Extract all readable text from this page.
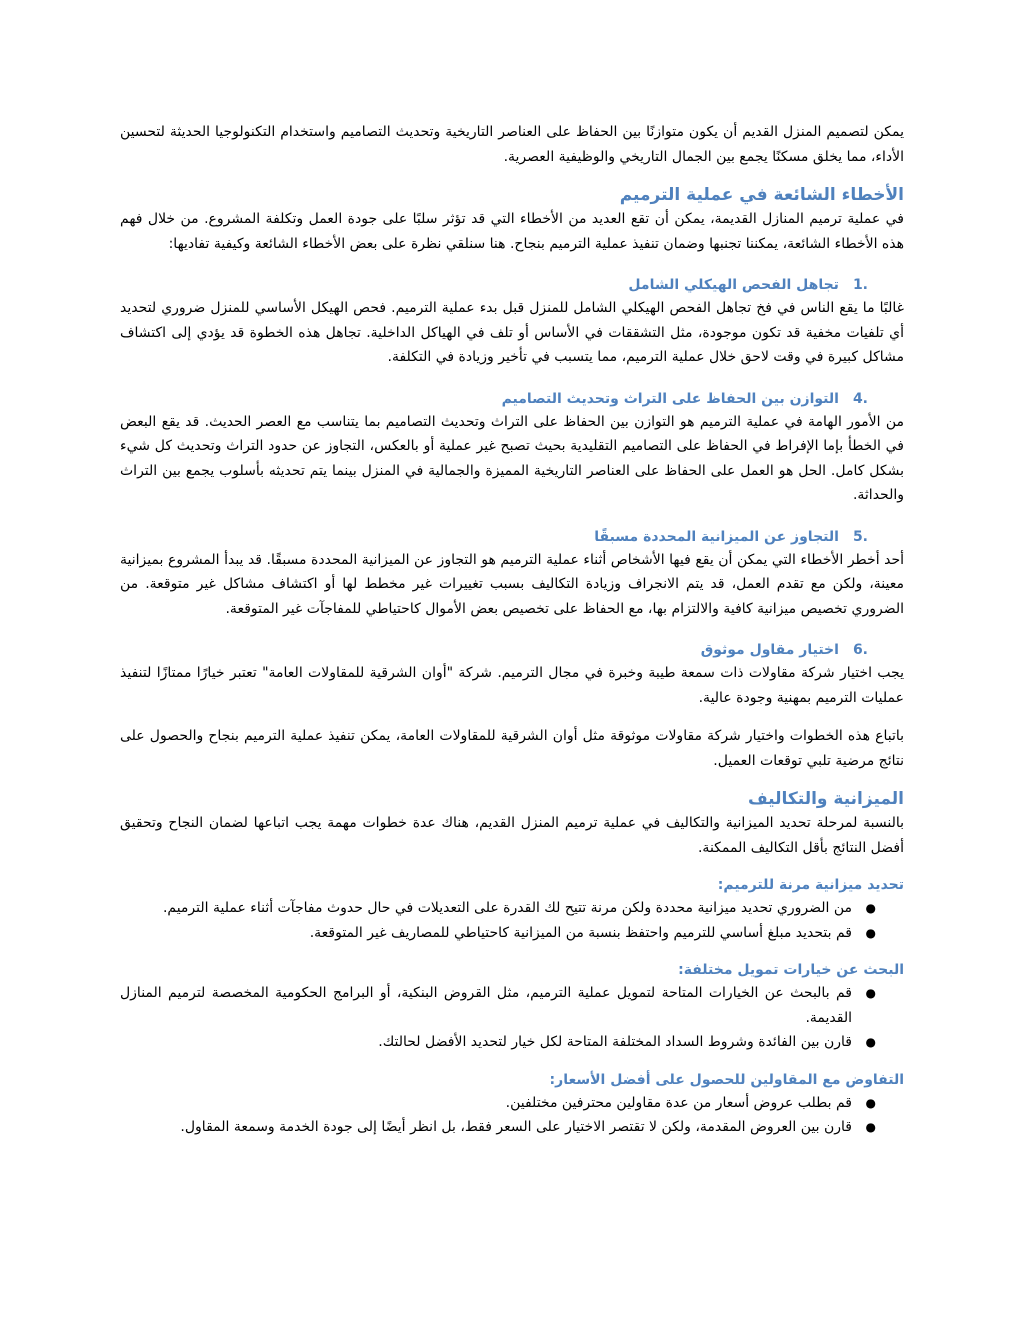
يمكن لتصميم المنزل القديم أن يكون متوازنًا بين الحفاظ على العناصر التاريخية وتحديث التصاميم واستخدام التكنولوجيا الحديثة لتحسين الأداء، مما يخلق مسكنًا يجمع بين الجمال التاريخي والوظيفية العصرية.

الأخطاء الشائعة في عملية الترميم

في عملية ترميم المنازل القديمة، يمكن أن تقع العديد من الأخطاء التي قد تؤثر سلبًا على جودة العمل وتكلفة المشروع. من خلال فهم هذه الأخطاء الشائعة، يمكننا تجنبها وضمان تنفيذ عملية الترميم بنجاح. هنا سنلقي نظرة على بعض الأخطاء الشائعة وكيفية تفاديها:

1.
تجاهل الفحص الهيكلي الشامل

غالبًا ما يقع الناس في فخ تجاهل الفحص الهيكلي الشامل للمنزل قبل بدء عملية الترميم. فحص الهيكل الأساسي للمنزل ضروري لتحديد أي تلفيات مخفية قد تكون موجودة، مثل التشققات في الأساس أو تلف في الهياكل الداخلية. تجاهل هذه الخطوة قد يؤدي إلى اكتشاف مشاكل كبيرة في وقت لاحق خلال عملية الترميم، مما يتسبب في تأخير وزيادة في التكلفة.

4.
التوازن بين الحفاظ على التراث وتحديث التصاميم

من الأمور الهامة في عملية الترميم هو التوازن بين الحفاظ على التراث وتحديث التصاميم بما يتناسب مع العصر الحديث. قد يقع البعض في الخطأ بإما الإفراط في الحفاظ على التصاميم التقليدية بحيث تصبح غير عملية أو بالعكس، التجاوز عن حدود التراث وتحديث كل شيء بشكل كامل. الحل هو العمل على الحفاظ على العناصر التاريخية المميزة والجمالية في المنزل بينما يتم تحديثه بأسلوب يجمع بين التراث والحداثة.

5.
التجاوز عن الميزانية المحددة مسبقًا

أحد أخطر الأخطاء التي يمكن أن يقع فيها الأشخاص أثناء عملية الترميم هو التجاوز عن الميزانية المحددة مسبقًا. قد يبدأ المشروع بميزانية معينة، ولكن مع تقدم العمل، قد يتم الانجراف وزيادة التكاليف بسبب تغييرات غير مخطط لها أو اكتشاف مشاكل غير متوقعة. من الضروري تخصيص ميزانية كافية والالتزام بها، مع الحفاظ على تخصيص بعض الأموال كاحتياطي للمفاجآت غير المتوقعة.

6.
اختيار مقاول موثوق

يجب اختيار شركة مقاولات ذات سمعة طيبة وخبرة في مجال الترميم. شركة "أوان الشرقية للمقاولات العامة" تعتبر خيارًا ممتازًا لتنفيذ عمليات الترميم بمهنية وجودة عالية.

باتباع هذه الخطوات واختيار شركة مقاولات موثوقة مثل أوان الشرقية للمقاولات العامة، يمكن تنفيذ عملية الترميم بنجاح والحصول على نتائج مرضية تلبي توقعات العميل.

الميزانية والتكاليف

بالنسبة لمرحلة تحديد الميزانية والتكاليف في عملية ترميم المنزل القديم، هناك عدة خطوات مهمة يجب اتباعها لضمان النجاح وتحقيق أفضل النتائج بأقل التكاليف الممكنة.

تحديد ميزانية مرنة للترميم:
●
من الضروري تحديد ميزانية محددة ولكن مرنة تتيح لك القدرة على التعديلات في حال حدوث مفاجآت أثناء عملية الترميم.
●
قم بتحديد مبلغ أساسي للترميم واحتفظ بنسبة من الميزانية كاحتياطي للمصاريف غير المتوقعة.
البحث عن خيارات تمويل مختلفة:
●
قم بالبحث عن الخيارات المتاحة لتمويل عملية الترميم، مثل القروض البنكية، أو البرامج الحكومية المخصصة لترميم المنازل القديمة.
●
قارن بين الفائدة وشروط السداد المختلفة المتاحة لكل خيار لتحديد الأفضل لحالتك.
التفاوض مع المقاولين للحصول على أفضل الأسعار:
●
قم بطلب عروض أسعار من عدة مقاولين محترفين مختلفين.
●
قارن بين العروض المقدمة، ولكن لا تقتصر الاختيار على السعر فقط، بل انظر أيضًا إلى جودة الخدمة وسمعة المقاول.
